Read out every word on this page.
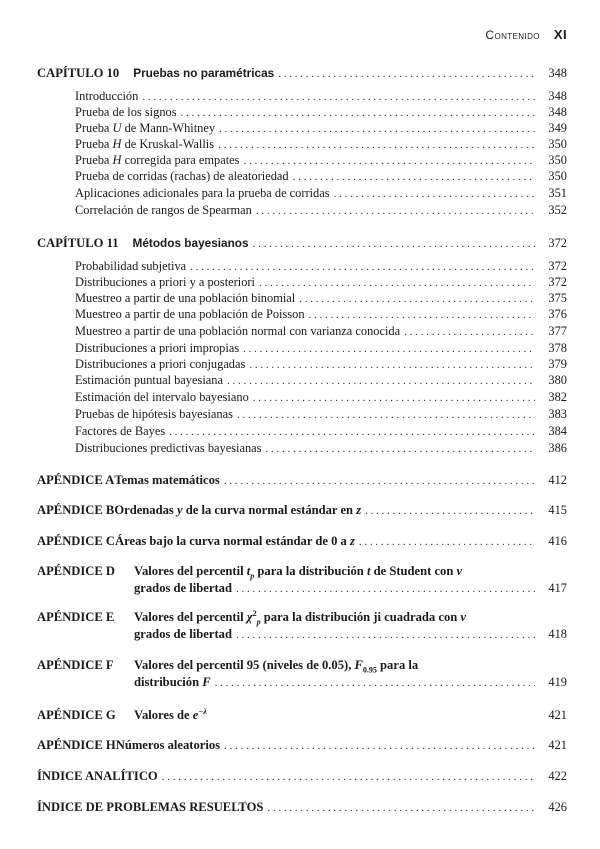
Contenido XI
CAPÍTULO 10 Pruebas no paramétricas . . .	348
Introducción . . .	348
Prueba de los signos . . .	348
Prueba U de Mann-Whitney . . .	349
Prueba H de Kruskal-Wallis . . .	350
Prueba H corregida para empates . . .	350
Prueba de corridas (rachas) de aleatoriedad . . .	350
Aplicaciones adicionales para la prueba de corridas . . .	351
Correlación de rangos de Spearman . . .	352
CAPÍTULO 11 Métodos bayesianos . . .	372
Probabilidad subjetiva . . .	372
Distribuciones a priori y a posteriori . . .	372
Muestreo a partir de una población binomial . . .	375
Muestreo a partir de una población de Poisson . . .	376
Muestreo a partir de una población normal con varianza conocida . . .	377
Distribuciones a priori impropias . . .	378
Distribuciones a priori conjugadas . . .	379
Estimación puntual bayesiana . . .	380
Estimación del intervalo bayesiano . . .	382
Pruebas de hipótesis bayesianas . . .	383
Factores de Bayes . . .	384
Distribuciones predictivas bayesianas . . .	386
APÉNDICE A Temas matemáticos . . .	412
APÉNDICE B Ordenadas y de la curva normal estándar en z . . .	415
APÉNDICE C Áreas bajo la curva normal estándar de 0 a z . . .	416
APÉNDICE D	Valores del percentil $t_p$ para la distribución t de Student con v
grados de libertad . . .	417
APÉNDICE E	Valores del percentil $\chi^2_p$ para la distribución ji cuadrada con v
grados de libertad . . .	418
APÉNDICE F	Valores del percentil 95 (niveles de 0.05), $F_{0.95}$ para la
distribución F . . .	419
APÉNDICE G	Valores de $e^{-\lambda}$	421
APÉNDICE H Números aleatorios . . .	421
ÍNDICE ANALÍTICO . . .	422
ÍNDICE DE PROBLEMAS RESUELTOS . . .	426
